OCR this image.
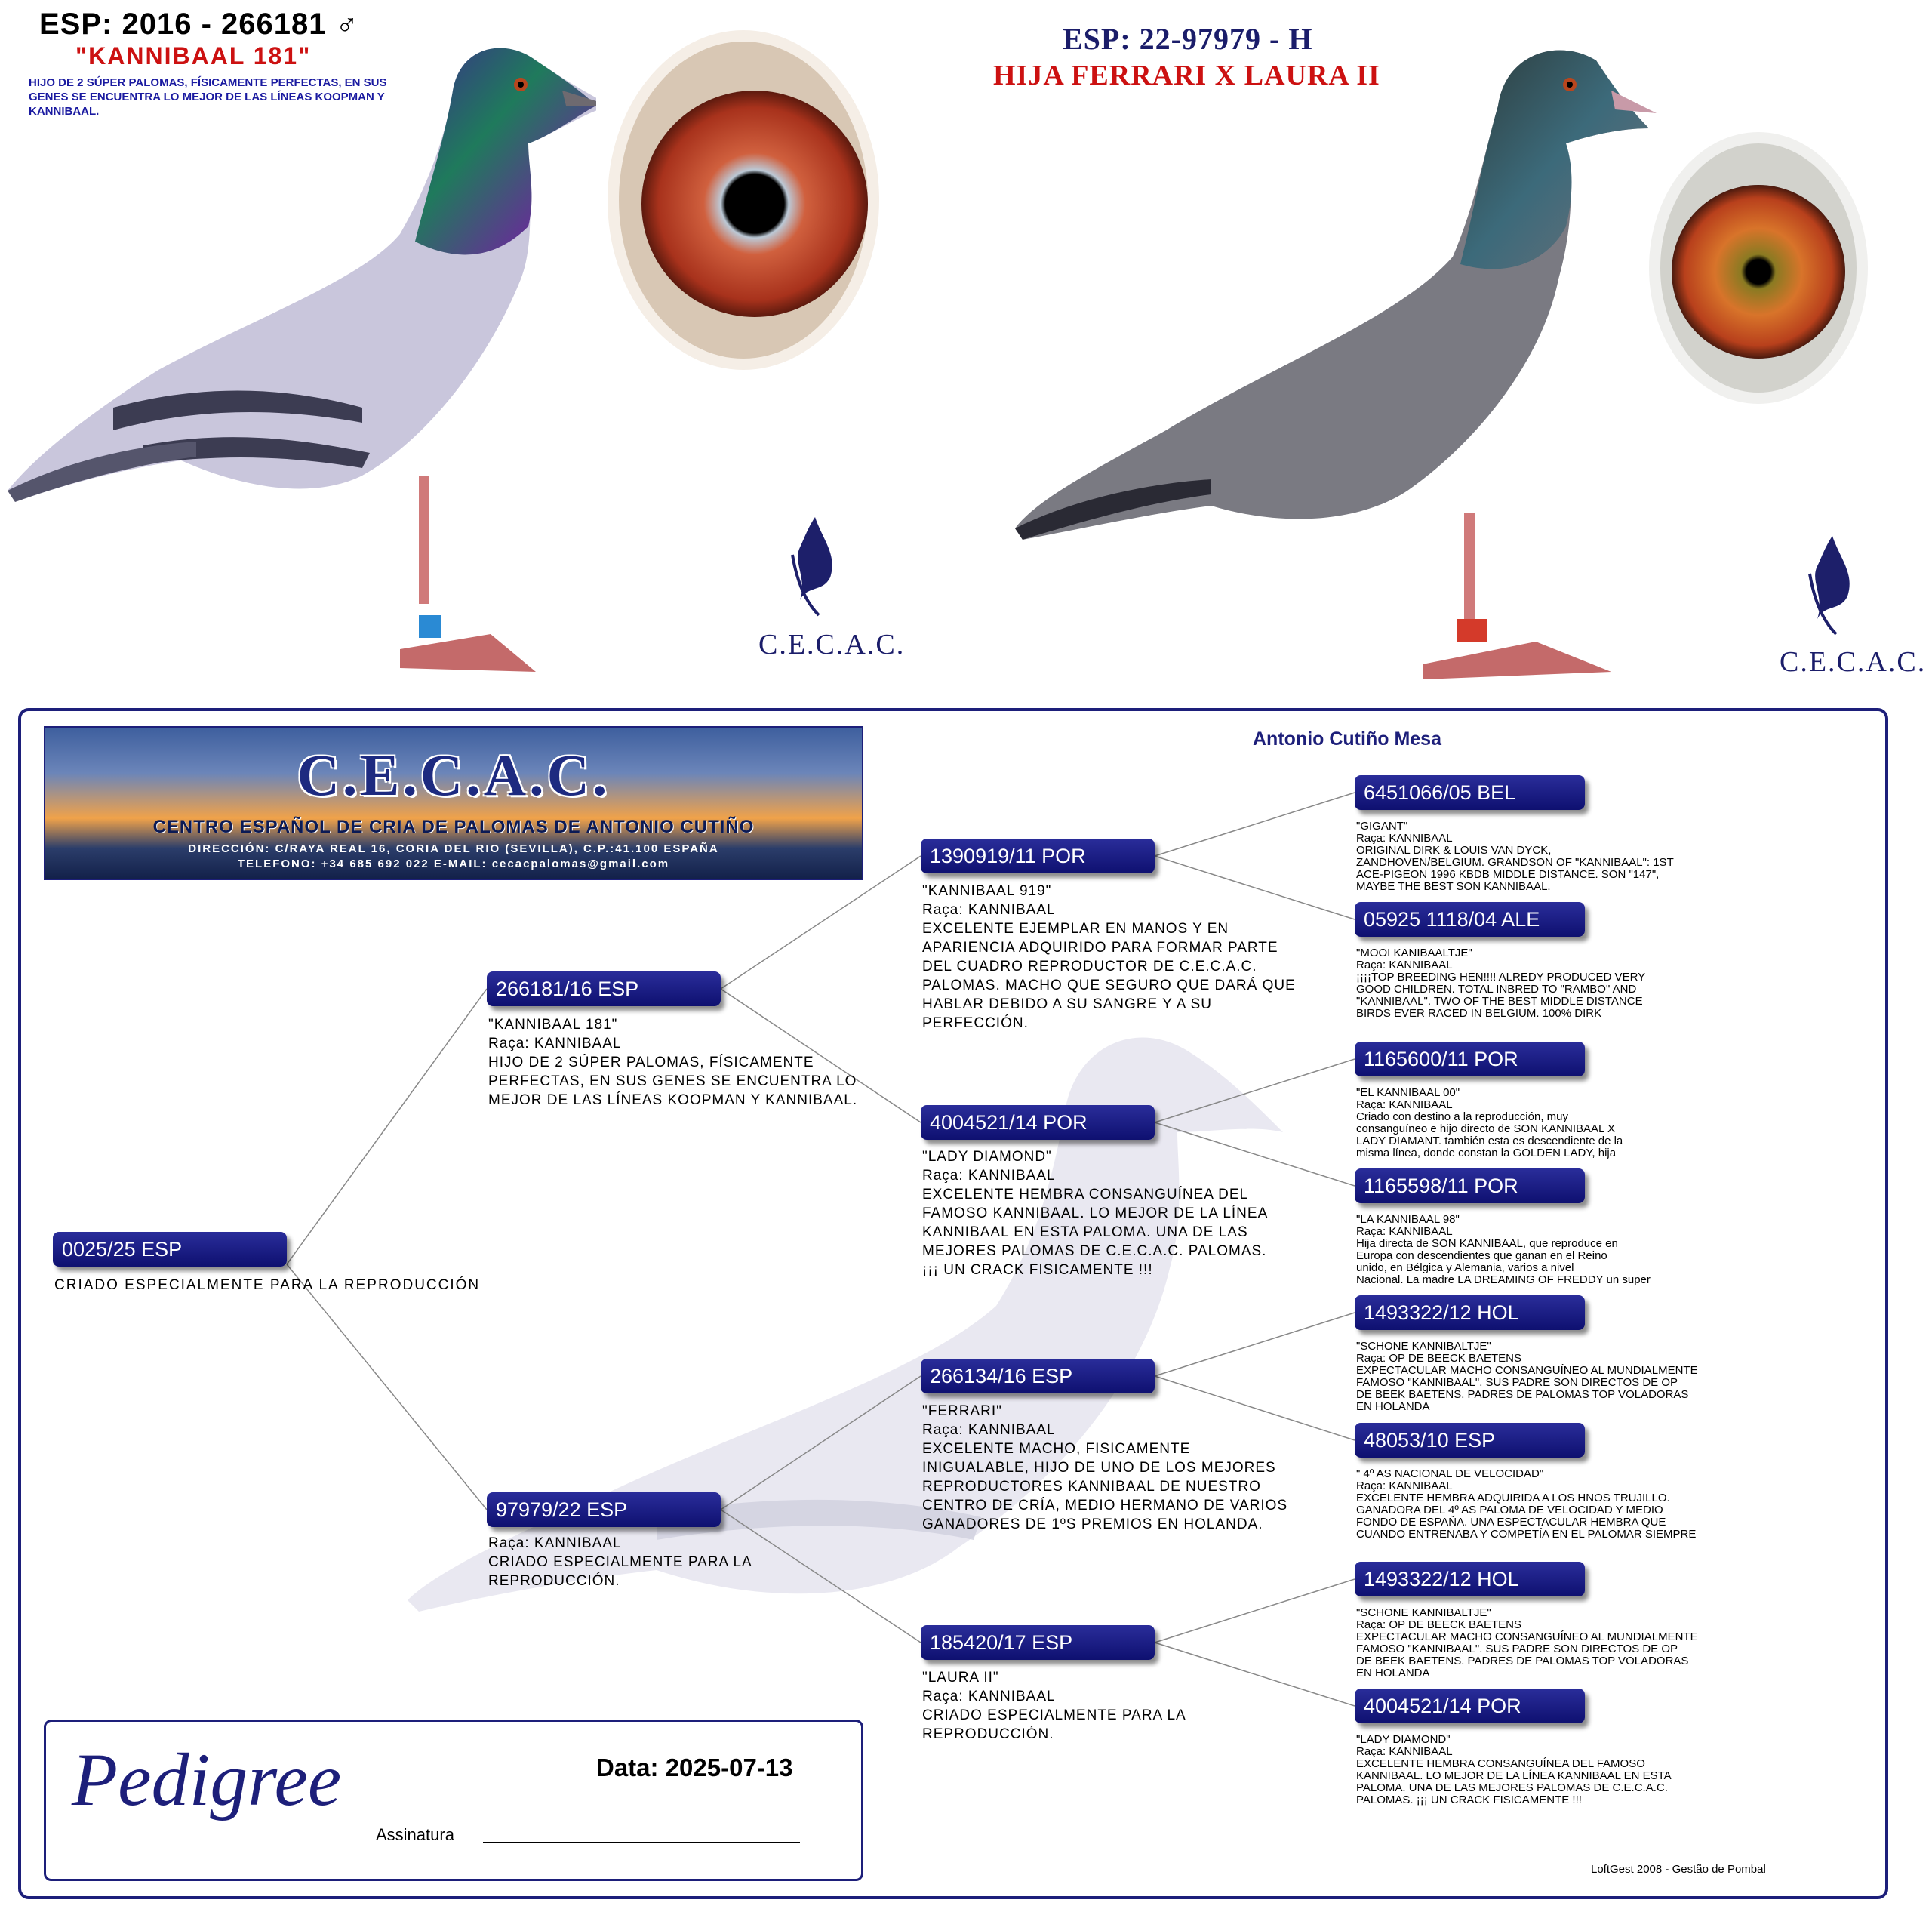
ESP: 2016 - 266181 ♂
"KANNIBAAL 181"
HIJO DE 2 SÚPER PALOMAS, FÍSICAMENTE PERFECTAS, EN SUS GENES SE ENCUENTRA LO MEJOR DE LAS LÍNEAS KOOPMAN Y KANNIBAAL.
C.E.C.A.C.
ESP: 22-97979 - H
HIJA FERRARI X LAURA II
C.E.C.A.C.
C.E.C.A.C.
CENTRO ESPAÑOL DE CRIA DE PALOMAS DE ANTONIO CUTIÑO
DIRECCIÓN: C/RAYA REAL 16, CORIA DEL RIO (SEVILLA), C.P.:41.100 ESPAÑA
TELEFONO: +34 685 692 022 E-MAIL: cecacpalomas@gmail.com
Antonio Cutiño Mesa
0025/25 ESP
CRIADO ESPECIALMENTE PARA LA REPRODUCCIÓN
266181/16 ESP
"KANNIBAAL 181"
Raça: KANNIBAAL
HIJO DE 2 SÚPER PALOMAS, FÍSICAMENTE
PERFECTAS, EN SUS GENES SE ENCUENTRA LO
MEJOR DE LAS LÍNEAS KOOPMAN Y KANNIBAAL.
97979/22 ESP
Raça: KANNIBAAL
CRIADO ESPECIALMENTE PARA LA
REPRODUCCIÓN.
1390919/11 POR
"KANNIBAAL 919"
Raça: KANNIBAAL
EXCELENTE EJEMPLAR EN MANOS Y EN
APARIENCIA ADQUIRIDO PARA FORMAR PARTE
DEL CUADRO REPRODUCTOR DE C.E.C.A.C.
PALOMAS. MACHO QUE SEGURO QUE DARÁ QUE
HABLAR DEBIDO A SU SANGRE Y A SU
PERFECCIÓN.
4004521/14 POR
"LADY DIAMOND"
Raça: KANNIBAAL
EXCELENTE HEMBRA CONSANGUÍNEA DEL
FAMOSO KANNIBAAL. LO MEJOR DE LA LÍNEA
KANNIBAAL EN ESTA PALOMA. UNA DE LAS
MEJORES PALOMAS DE C.E.C.A.C. PALOMAS.
¡¡¡ UN CRACK FISICAMENTE !!!
266134/16 ESP
"FERRARI"
Raça: KANNIBAAL
EXCELENTE MACHO, FISICAMENTE
INIGUALABLE, HIJO DE UNO DE LOS MEJORES
REPRODUCTORES KANNIBAAL DE NUESTRO
CENTRO DE CRÍA, MEDIO HERMANO DE VARIOS
GANADORES DE 1ºS PREMIOS EN HOLANDA.
185420/17 ESP
"LAURA II"
Raça: KANNIBAAL
CRIADO ESPECIALMENTE PARA LA
REPRODUCCIÓN.
6451066/05 BEL
"GIGANT"
Raça: KANNIBAAL
ORIGINAL DIRK & LOUIS VAN DYCK,
ZANDHOVEN/BELGIUM. GRANDSON OF "KANNIBAAL": 1ST
ACE-PIGEON 1996 KBDB MIDDLE DISTANCE. SON "147",
MAYBE THE BEST SON KANNIBAAL.
05925 1118/04 ALE
"MOOI KANIBAALTJE"
Raça: KANNIBAAL
¡¡¡¡TOP BREEDING HEN!!!! ALREDY PRODUCED VERY
GOOD CHILDREN. TOTAL INBRED TO "RAMBO" AND
"KANNIBAAL". TWO OF THE BEST MIDDLE DISTANCE
BIRDS EVER RACED IN BELGIUM. 100% DIRK
1165600/11 POR
"EL KANNIBAAL 00"
Raça: KANNIBAAL
Criado con destino a la reproducción, muy
consanguíneo e hijo directo de SON KANNIBAAL X
LADY DIAMANT. también esta es descendiente de la
misma línea, donde constan la GOLDEN LADY, hija
1165598/11 POR
"LA KANNIBAAL 98"
Raça: KANNIBAAL
Hija directa de SON KANNIBAAL, que reproduce en
Europa con descendientes que ganan en el Reino
unido, en Bélgica y Alemania, varios a nivel
Nacional. La madre LA DREAMING OF FREDDY un super
1493322/12 HOL
"SCHONE KANNIBALTJE"
Raça: OP DE BEECK BAETENS
EXPECTACULAR MACHO CONSANGUÍNEO AL MUNDIALMENTE
FAMOSO "KANNIBAAL". SUS PADRE SON DIRECTOS DE OP
DE BEEK BAETENS. PADRES DE PALOMAS TOP VOLADORAS
EN HOLANDA
48053/10 ESP
" 4º AS NACIONAL DE VELOCIDAD"
Raça: KANNIBAAL
EXCELENTE HEMBRA ADQUIRIDA A LOS HNOS TRUJILLO.
GANADORA DEL 4º AS PALOMA DE VELOCIDAD Y MEDIO
FONDO DE ESPAÑA. UNA ESPECTACULAR HEMBRA QUE
CUANDO ENTRENABA Y COMPETÍA EN EL PALOMAR SIEMPRE
1493322/12 HOL
"SCHONE KANNIBALTJE"
Raça: OP DE BEECK BAETENS
EXPECTACULAR MACHO CONSANGUÍNEO AL MUNDIALMENTE
FAMOSO "KANNIBAAL". SUS PADRE SON DIRECTOS DE OP
DE BEEK BAETENS. PADRES DE PALOMAS TOP VOLADORAS
EN HOLANDA
4004521/14 POR
"LADY DIAMOND"
Raça: KANNIBAAL
EXCELENTE HEMBRA CONSANGUÍNEA DEL FAMOSO
KANNIBAAL. LO MEJOR DE LA LÍNEA KANNIBAAL EN ESTA
PALOMA. UNA DE LAS MEJORES PALOMAS DE C.E.C.A.C.
PALOMAS. ¡¡¡ UN CRACK FISICAMENTE !!!
Pedigree	Data: 2025-07-13
Assinatura
LoftGest 2008 - Gestão de Pombal
